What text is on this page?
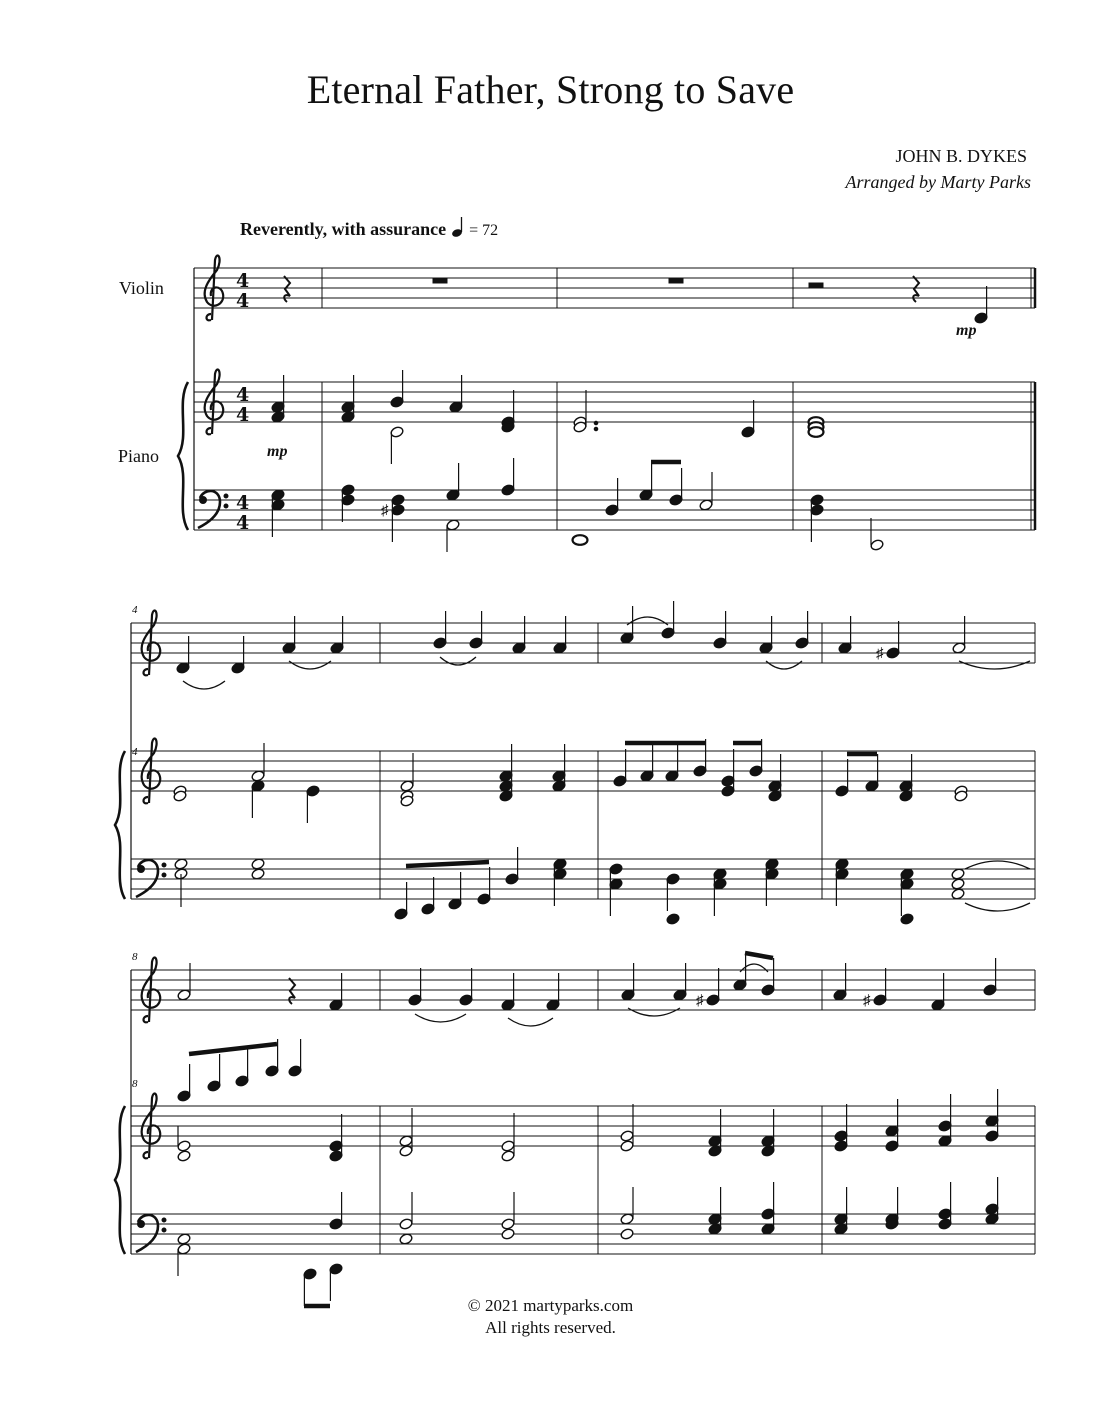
Eternal Father, Strong to Save
JOHN B. DYKES
Arranged by Marty Parks
Reverently, with assurance = 72
Violin
Piano
mp
mp
4
4
8
8
♯
♯
♯	♯
4
4
4
4
4
4
© 2021 martyparks.com
All rights reserved.
